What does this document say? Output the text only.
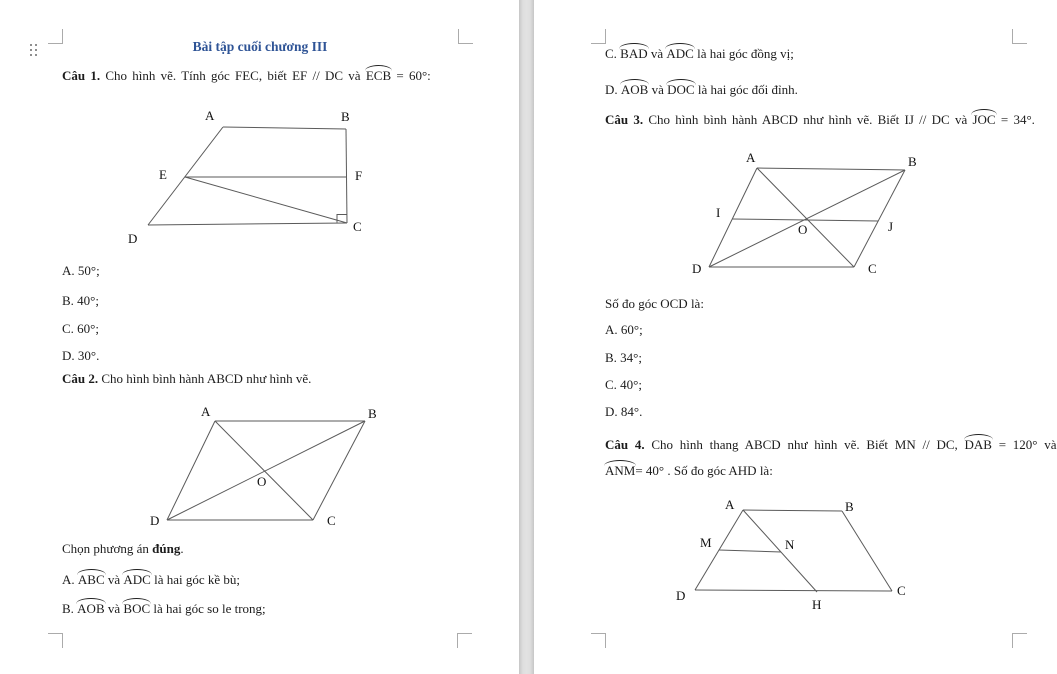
Bài tập cuối chương III
Câu 1. Cho hình vẽ. Tính góc FEC, biết EF // DC và ECB = 60°:
A	B
E	F
D
C
A. 50°;
B. 40°;
C. 60°;
D. 30°.
Câu 2. Cho hình bình hành ABCD như hình vẽ.
A	B
O
D	C
Chọn phương án đúng.
A. ABC và ADC là hai góc kề bù;
B. AOB và BOC là hai góc so le trong;
C. BAD và ADC là hai góc đồng vị;
D. AOB và DOC là hai góc đối đỉnh.
Câu 3. Cho hình bình hành ABCD như hình vẽ. Biết IJ // DC và JOC = 34°.
A	B
I
J
O
D	C
Số đo góc OCD là:
A. 60°;
B. 34°;
C. 40°;
D. 84°.
Câu 4. Cho hình thang ABCD như hình vẽ. Biết MN // DC, DAB = 120° và
ANM= 40° . Số đo góc AHD là:
A	B
M	N
D	C
H
